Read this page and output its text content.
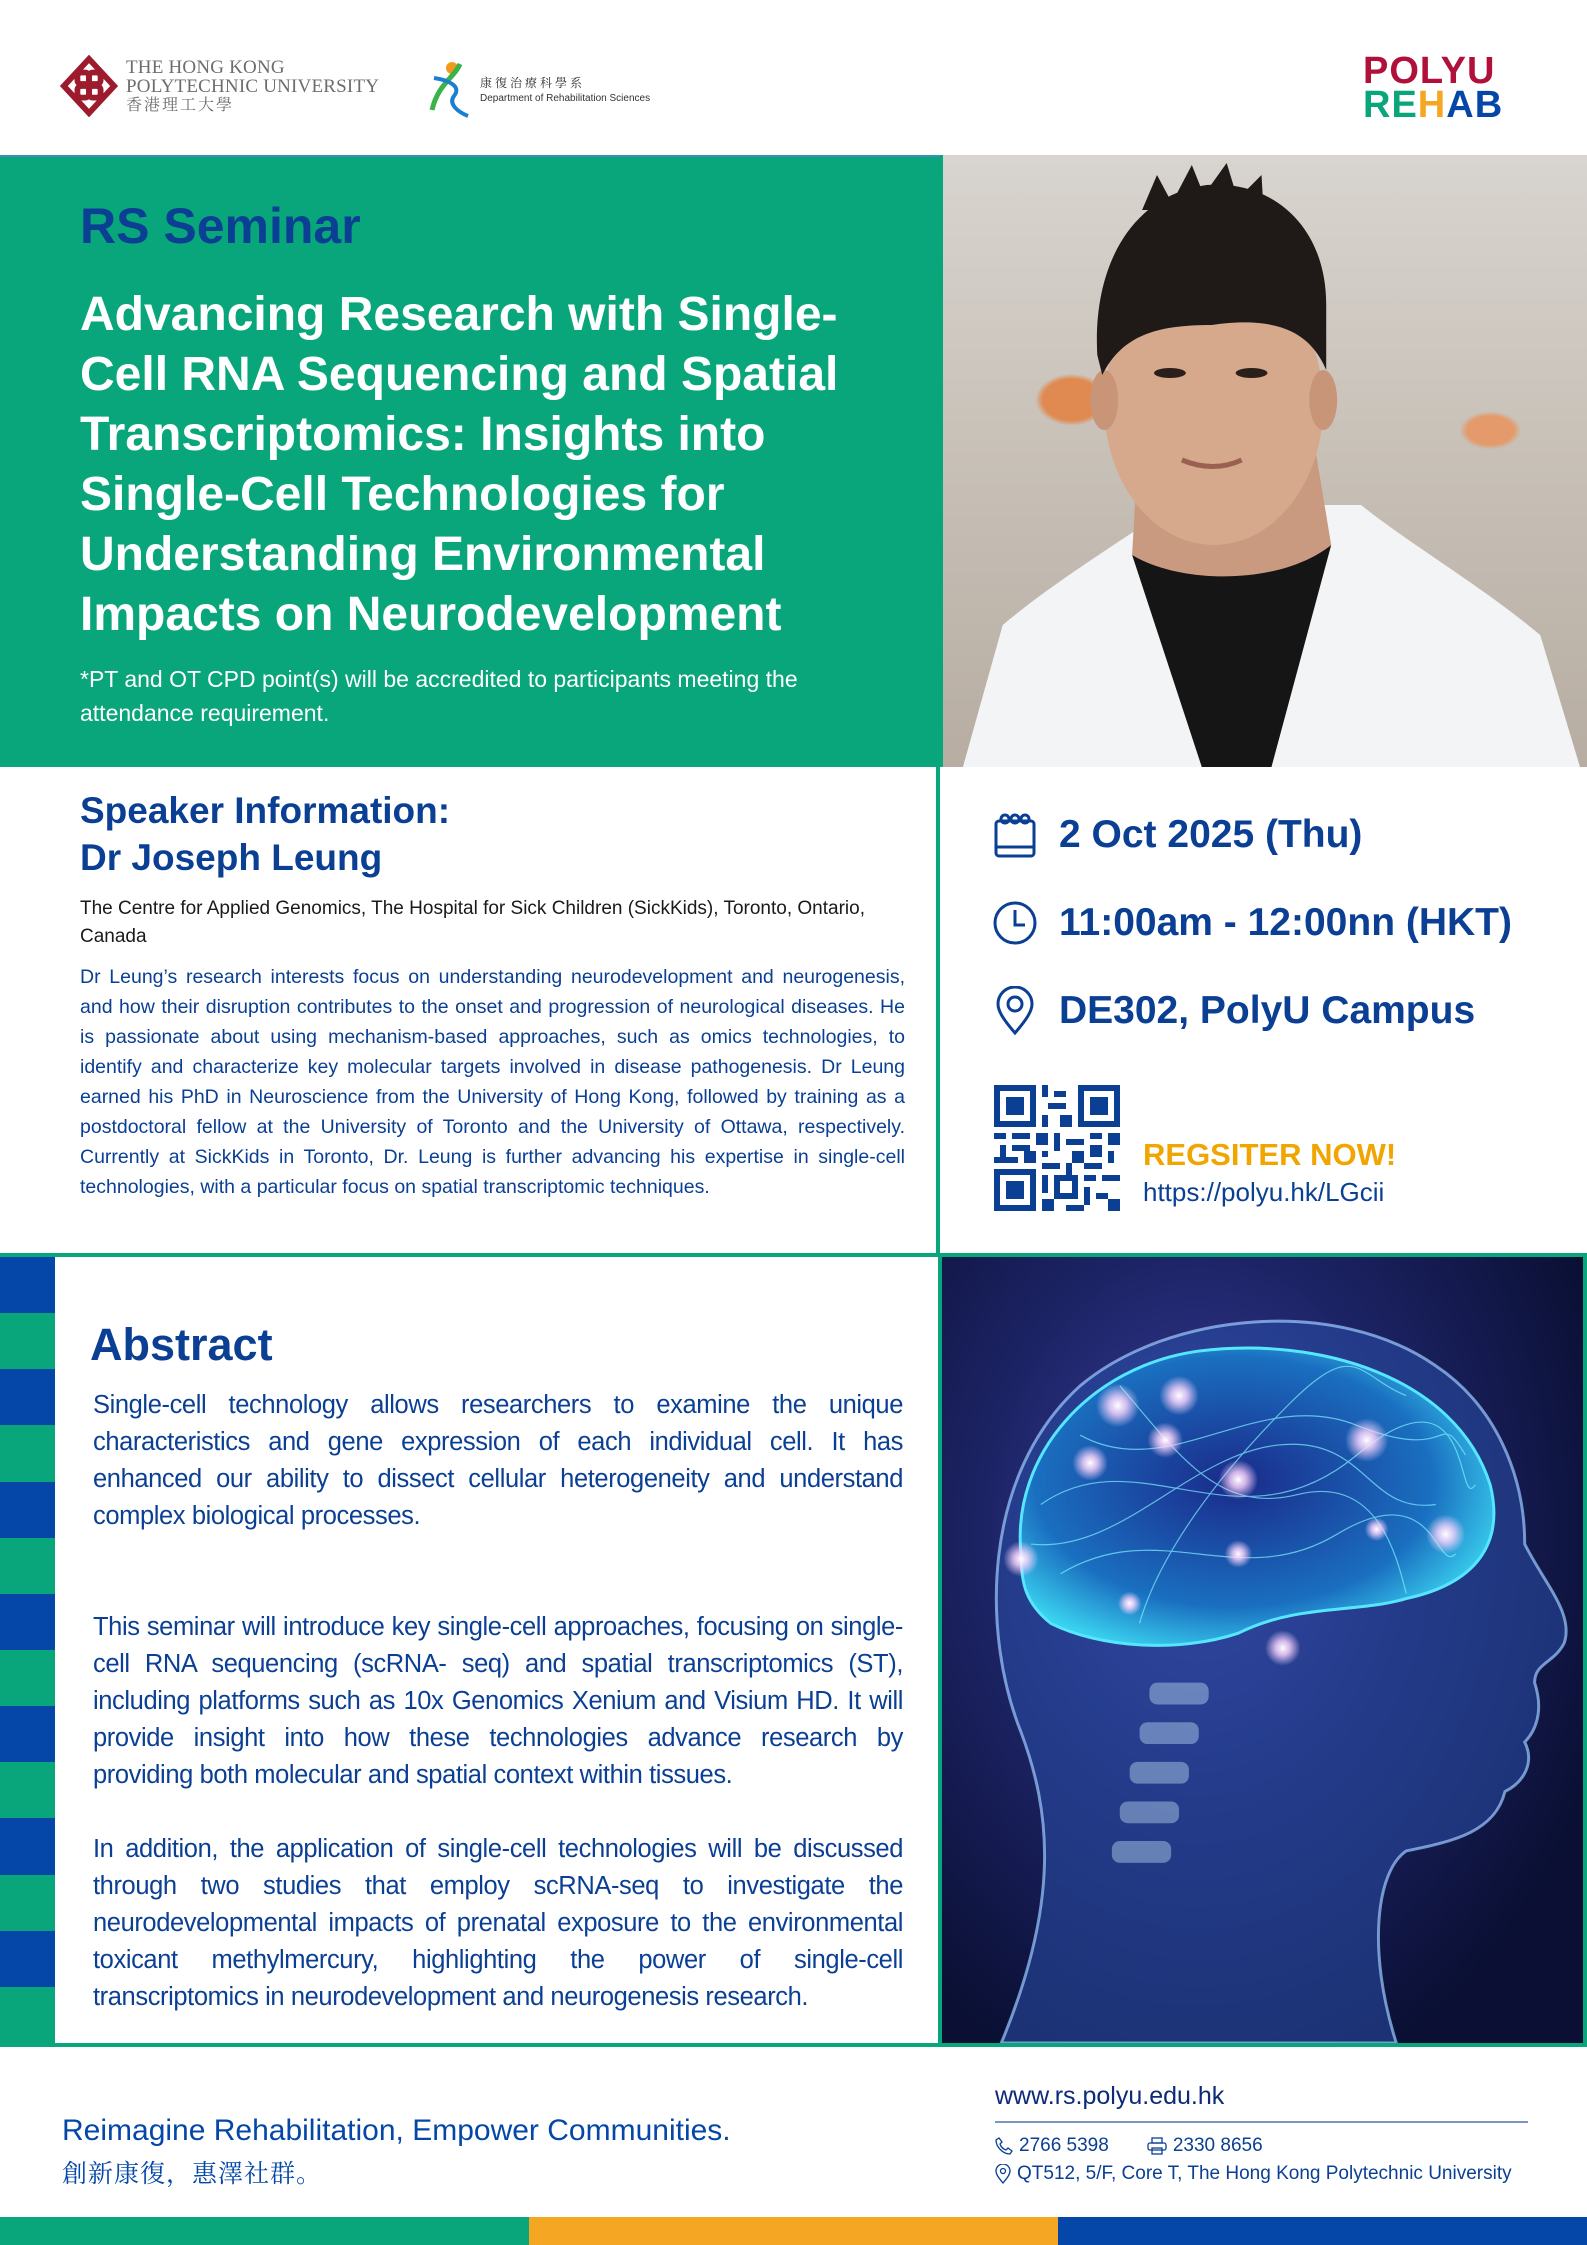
THE HONG KONG
POLYTECHNIC UNIVERSITY
香港理工大學
康復治療科學系
Department of Rehabilitation Sciences
POLYU
REHAB
RS Seminar
Advancing Research with Single-Cell RNA Sequencing and Spatial Transcriptomics: Insights into Single-Cell Technologies for Understanding Environmental Impacts on Neurodevelopment
*PT and OT CPD point(s) will be accredited to participants meeting the attendance requirement.
Speaker Information:
Dr Joseph Leung
The Centre for Applied Genomics, The Hospital for Sick Children (SickKids), Toronto, Ontario, Canada
Dr Leung’s research interests focus on understanding neurodevelopment and neurogenesis, and how their disruption contributes to the onset and progression of neurological diseases. He is passionate about using mechanism-based approaches, such as omics technologies, to identify and characterize key molecular targets involved in disease pathogenesis. Dr Leung earned his PhD in Neuroscience from the University of Hong Kong, followed by training as a postdoctoral fellow at the University of Toronto and the University of Ottawa, respectively. Currently at SickKids in Toronto, Dr. Leung is further advancing his expertise in single-cell technologies, with a particular focus on spatial transcriptomic techniques.
2 Oct 2025 (Thu)
11:00am - 12:00nn (HKT)
DE302, PolyU Campus
REGSITER NOW!
https://polyu.hk/LGcii
Abstract
Single-cell technology allows researchers to examine the unique characteristics and gene expression of each individual cell. It has enhanced our ability to dissect cellular heterogeneity and understand complex biological processes.
This seminar will introduce key single-cell approaches, focusing on single-cell RNA sequencing (scRNA- seq) and spatial transcriptomics (ST), including platforms such as 10x Genomics Xenium and Visium HD. It will provide insight into how these technologies advance research by providing both molecular and spatial context within tissues.
In addition, the application of single-cell technologies will be discussed through two studies that employ scRNA-seq to investigate the neurodevelopmental impacts of prenatal exposure to the environmental toxicant methylmercury, highlighting the power of single-cell transcriptomics in neurodevelopment and neurogenesis research.
Reimagine Rehabilitation, Empower Communities.
創新康復，惠澤社群。
www.rs.polyu.edu.hk
2766 5398	2330 8656
QT512, 5/F, Core T, The Hong Kong Polytechnic University
